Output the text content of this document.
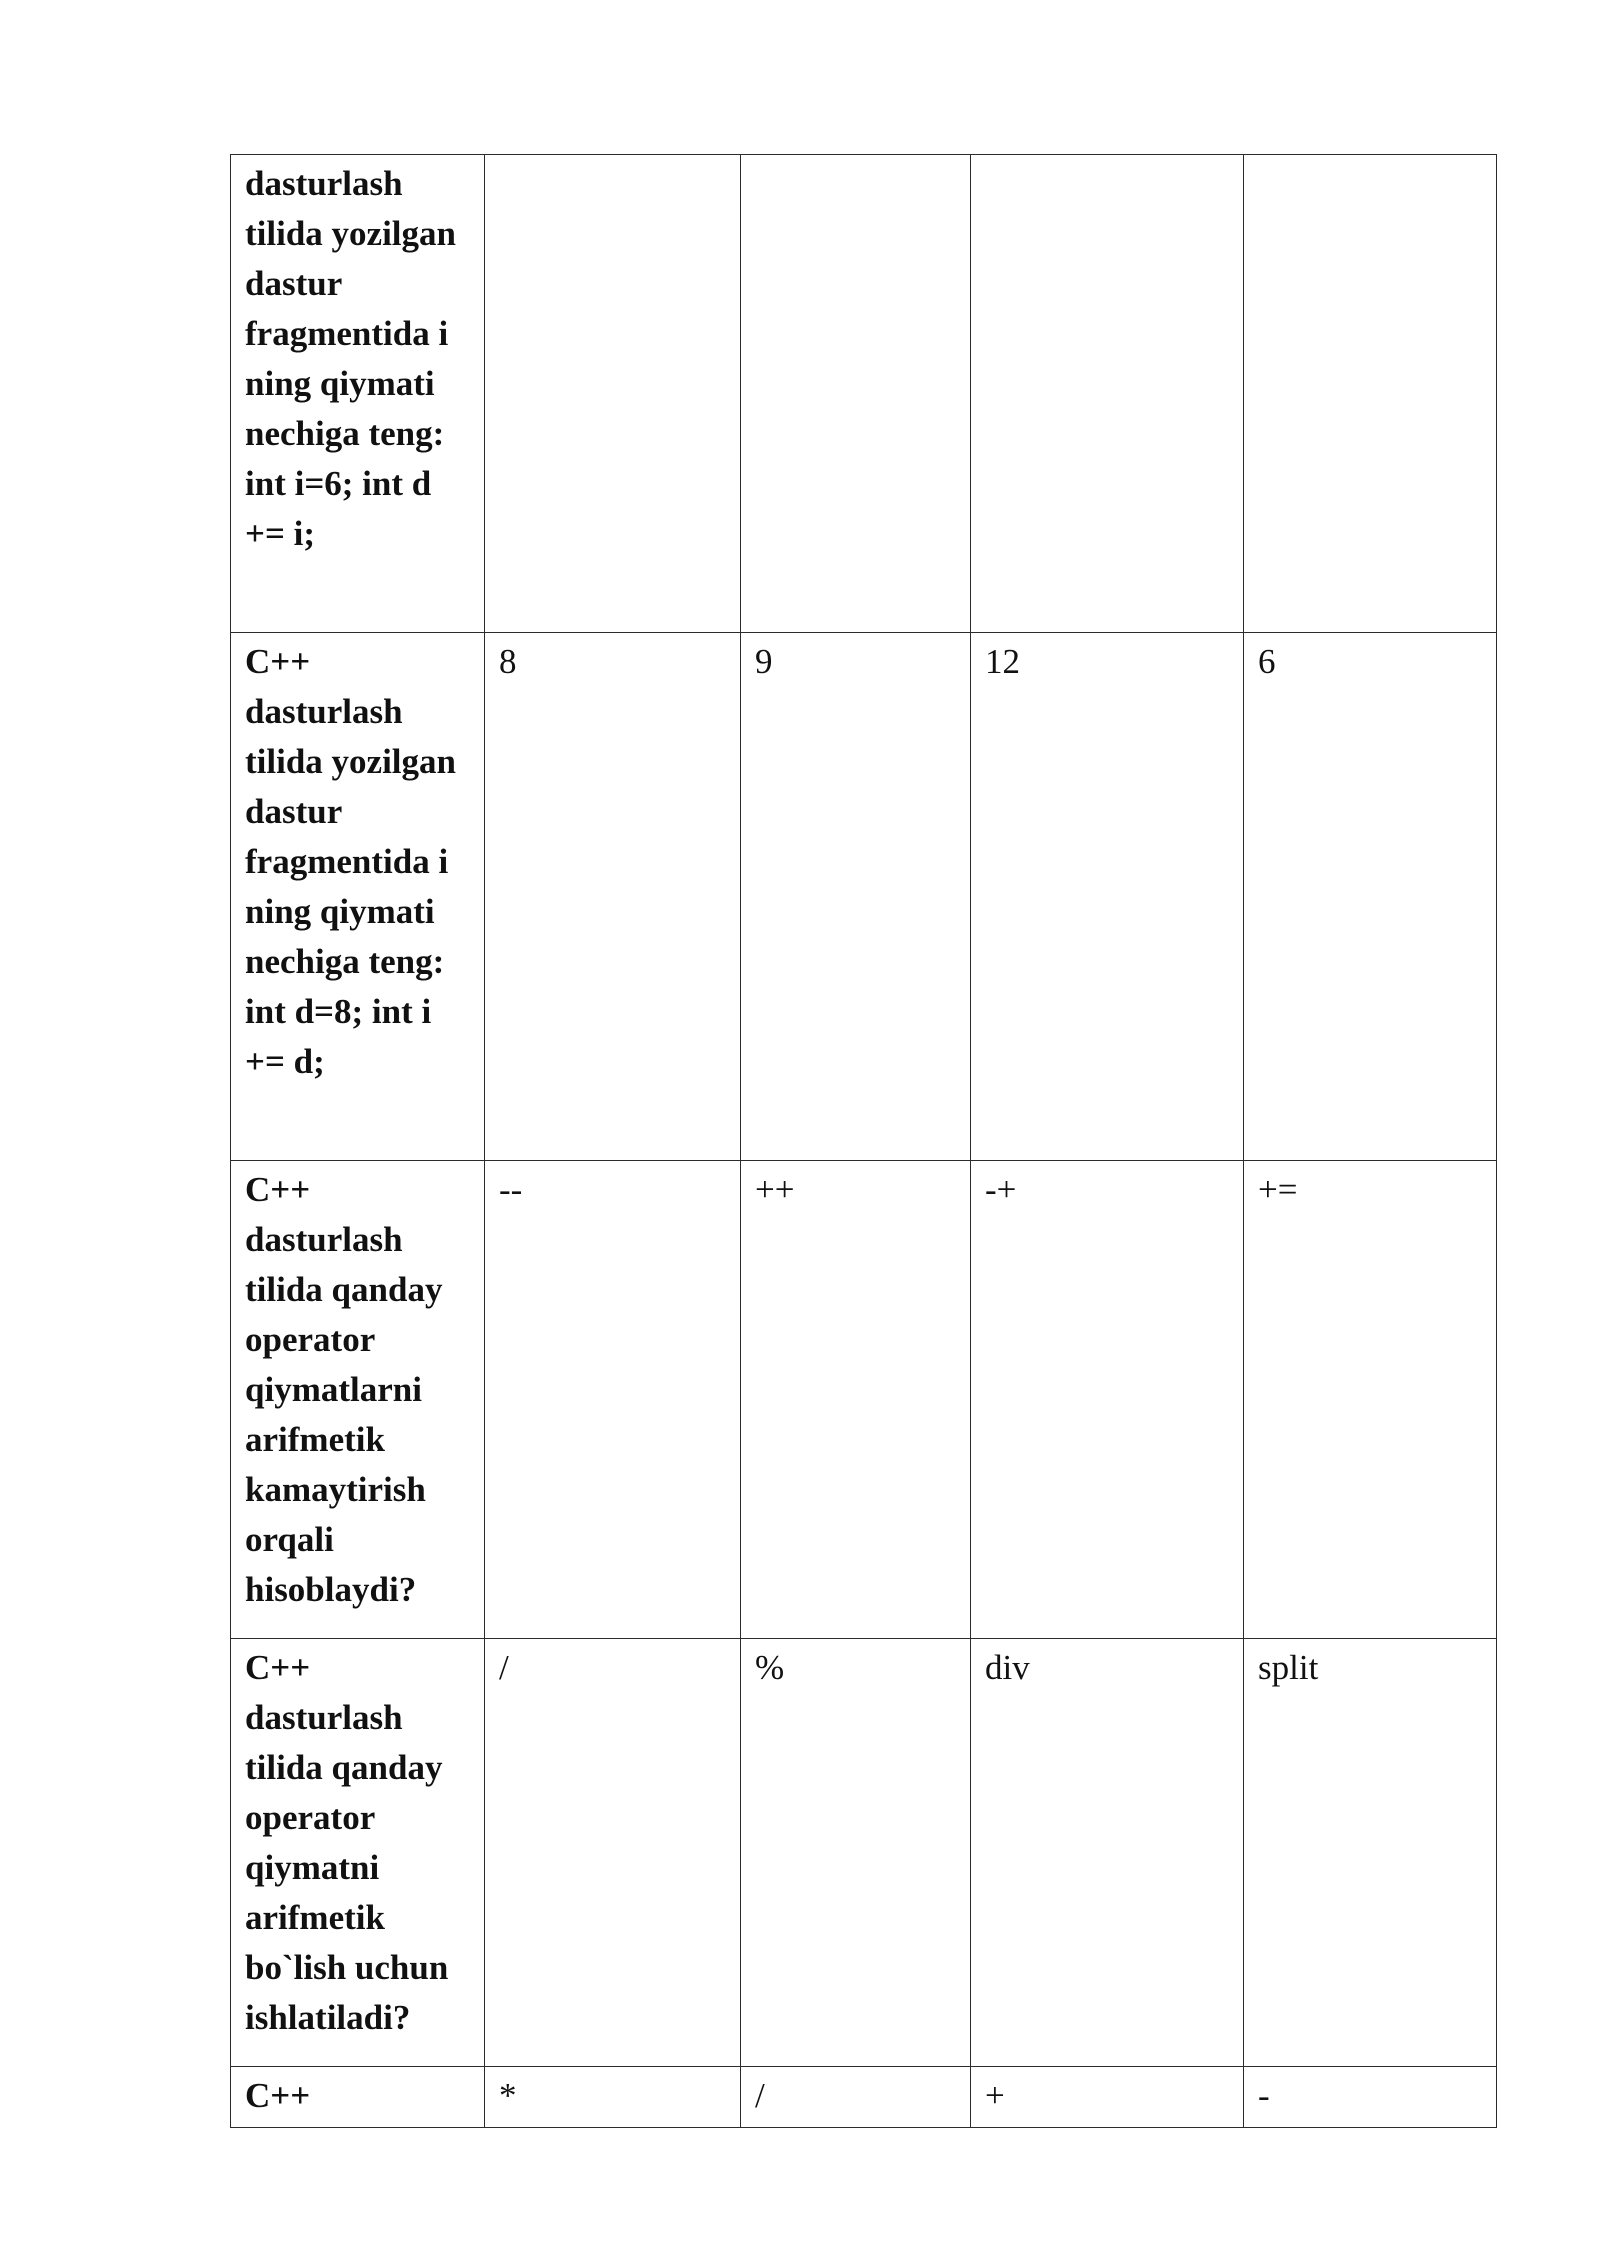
dasturlash tilida yozilgan dastur fragmentida i ning qiymati nechiga teng: int i=6; int d += i;				

C++ dasturlash tilida yozilgan dastur fragmentida i ning qiymati nechiga teng: int d=8; int i += d;	8	9	12	6

C++ dasturlash tilida qanday operator qiymatlarni arifmetik kamaytirish orqali hisoblaydi?	--	++	-+	+=

C++ dasturlash tilida qanday operator qiymatni arifmetik bo`lish uchun ishlatiladi?	/	%	div	split

C++	*	/	+	-
